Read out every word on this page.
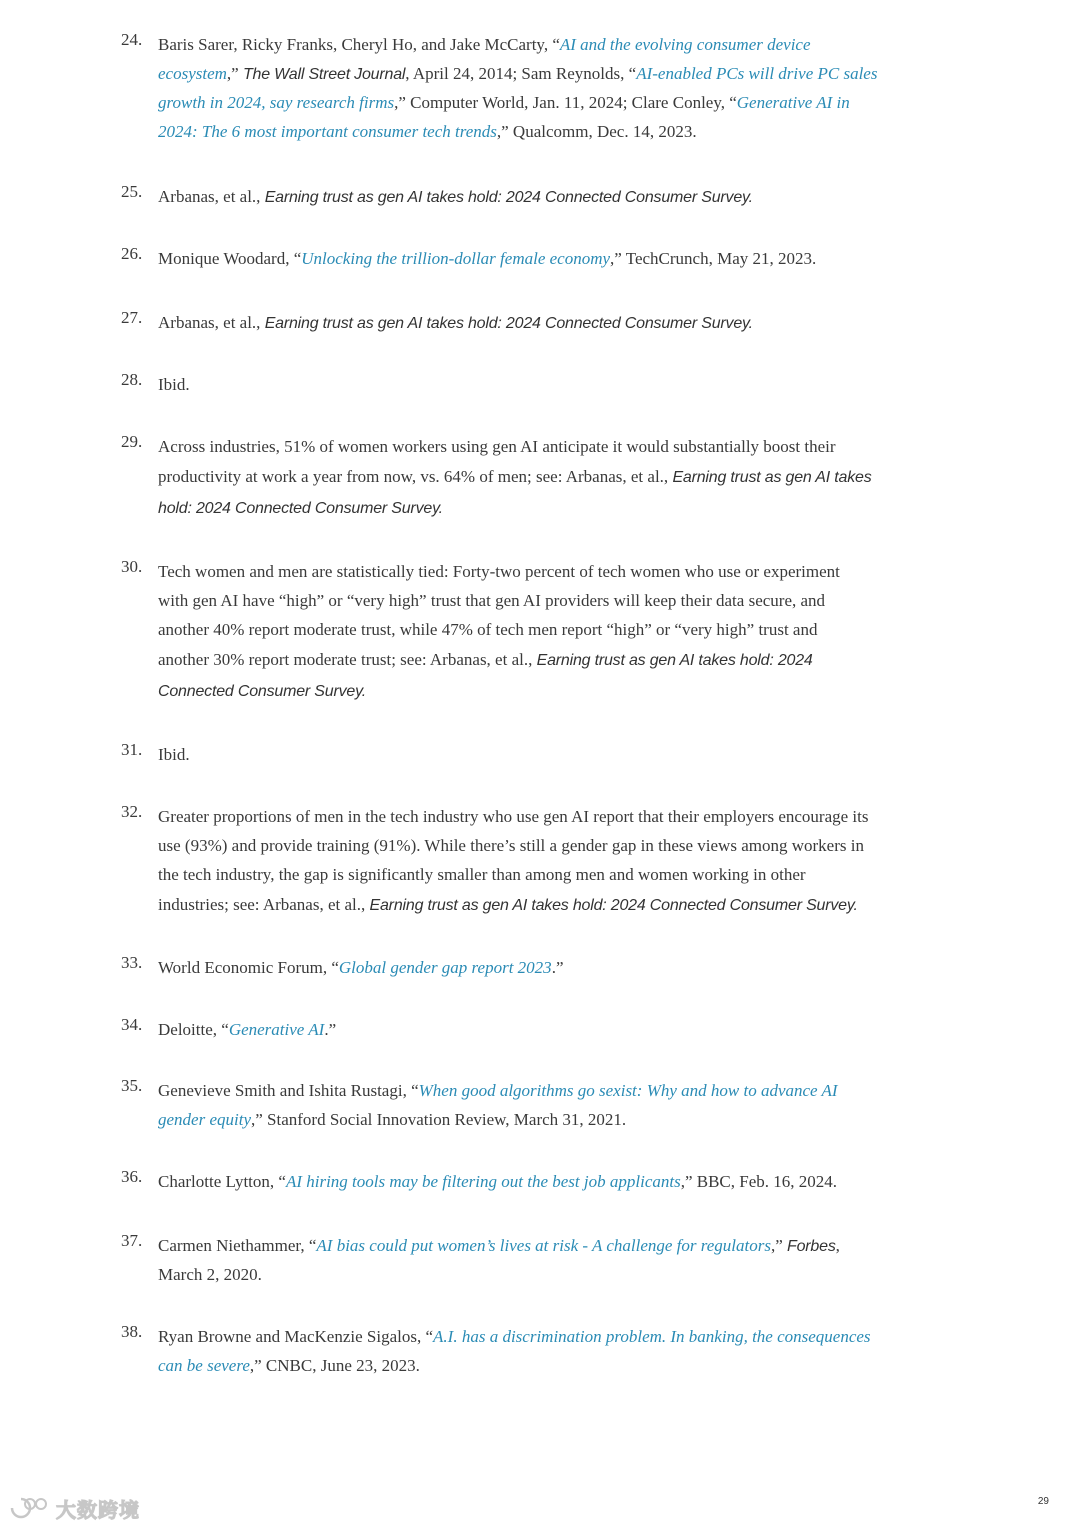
24. Baris Sarer, Ricky Franks, Cheryl Ho, and Jake McCarty, “AI and the evolving consumer device
ecosystem,” The Wall Street Journal, April 24, 2014; Sam Reynolds, “AI-enabled PCs will drive PC sales
growth in 2024, say research firms,” Computer World, Jan. 11, 2024; Clare Conley, “Generative AI in
2024: The 6 most important consumer tech trends,” Qualcomm, Dec. 14, 2023.
25. Arbanas, et al., Earning trust as gen AI takes hold: 2024 Connected Consumer Survey.
26. Monique Woodard, “Unlocking the trillion-dollar female economy,” TechCrunch, May 21, 2023.
27. Arbanas, et al., Earning trust as gen AI takes hold: 2024 Connected Consumer Survey.
28. Ibid.
29. Across industries, 51% of women workers using gen AI anticipate it would substantially boost their
productivity at work a year from now, vs. 64% of men; see: Arbanas, et al., Earning trust as gen AI takes
hold: 2024 Connected Consumer Survey.
30. Tech women and men are statistically tied: Forty-two percent of tech women who use or experiment
with gen AI have “high” or “very high” trust that gen AI providers will keep their data secure, and
another 40% report moderate trust, while 47% of tech men report “high” or “very high” trust and
another 30% report moderate trust; see: Arbanas, et al., Earning trust as gen AI takes hold: 2024
Connected Consumer Survey.
31. Ibid.
32. Greater proportions of men in the tech industry who use gen AI report that their employers encourage its
use (93%) and provide training (91%). While there’s still a gender gap in these views among workers in
the tech industry, the gap is significantly smaller than among men and women working in other
industries; see: Arbanas, et al., Earning trust as gen AI takes hold: 2024 Connected Consumer Survey.
33. World Economic Forum, “Global gender gap report 2023.”
34. Deloitte, “Generative AI.”
35. Genevieve Smith and Ishita Rustagi, “When good algorithms go sexist: Why and how to advance AI
gender equity,” Stanford Social Innovation Review, March 31, 2021.
36. Charlotte Lytton, “AI hiring tools may be filtering out the best job applicants,” BBC, Feb. 16, 2024.
37. Carmen Niethammer, “AI bias could put women’s lives at risk - A challenge for regulators,” Forbes,
March 2, 2020.
38. Ryan Browne and MacKenzie Sigalos, “A.I. has a discrimination problem. In banking, the consequences
can be severe,” CNBC, June 23, 2023.
大数跨境	29
